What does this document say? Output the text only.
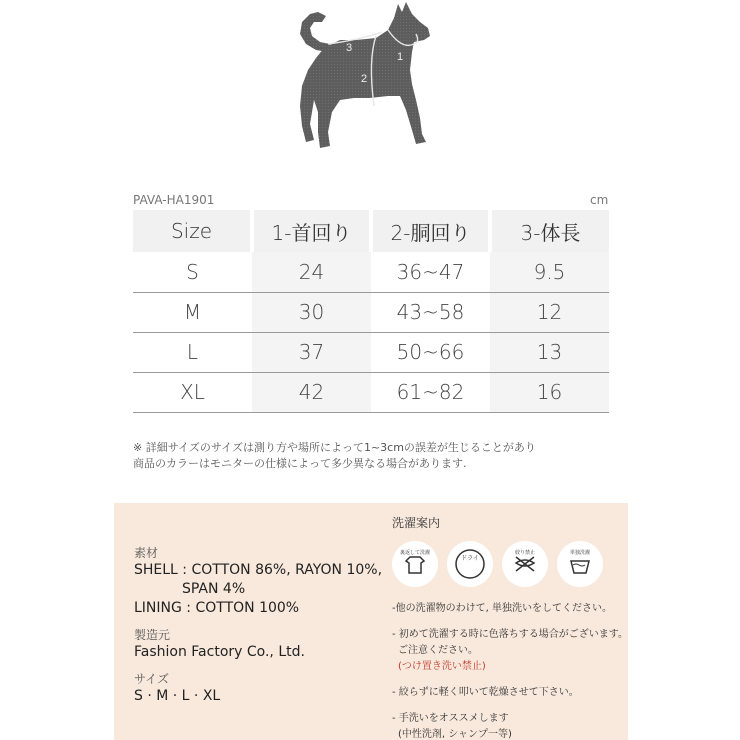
3
2
1
PAVA-HA1901	cm
Size	1-首回り	2-胴回り	3-体長
S	24	36~47	9.5
M	30	43~58	12
L	37	50~66	13
XL	42	61~82	16
※ 詳細サイズのサイズは測り方や場所によって1~3cmの誤差が生じることがあり
商品のカラーはモニターの仕様によって多少異なる場合があります.
素材
SHELL : COTTON 86%, RAYON 10%,
SPAN 4%
LINING : COTTON 100%
製造元
Fashion Factory Co., Ltd.
サイズ
S · M · L · XL
洗濯案内
裏返して洗濯
ドライ
絞り禁止	単独洗濯

-他の洗濯物のわけて, 単独洗いをしてください。

- 初めて洗濯する時に色落ちする場合がございます。
ご注意ください。
(つけ置き洗い禁止)

- 絞らずに軽く叩いて乾燥させて下さい。

- 手洗いをオススメします
(中性洗剤, シャンプ一等)
